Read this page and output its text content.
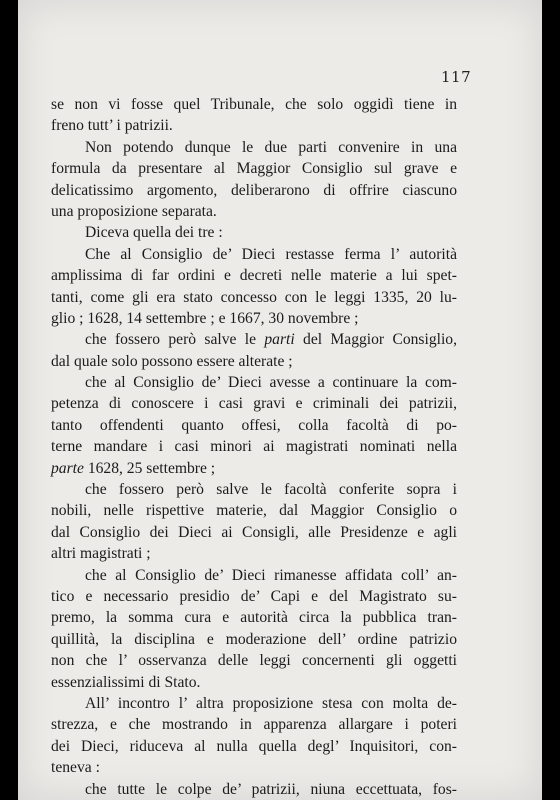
117
se non vi fosse quel Tribunale, che solo oggidì tiene in
freno tutt’ i patrizii.
Non potendo dunque le due parti convenire in una
formula da presentare al Maggior Consiglio sul grave e
delicatissimo argomento, deliberarono di offrire ciascuno
una proposizione separata.
Diceva quella dei tre :
Che al Consiglio de’ Dieci restasse ferma l’ autorità
amplissima di far ordini e decreti nelle materie a lui spet-
tanti, come gli era stato concesso con le leggi 1335, 20 lu-
glio ; 1628, 14 settembre ; e 1667, 30 novembre ;
che fossero però salve le parti del Maggior Consiglio,
dal quale solo possono essere alterate ;
che al Consiglio de’ Dieci avesse a continuare la com-
petenza di conoscere i casi gravi e criminali dei patrizii,
tanto offendenti quanto offesi, colla facoltà di po-
terne mandare i casi minori ai magistrati nominati nella
parte 1628, 25 settembre ;
che fossero però salve le facoltà conferite sopra i
nobili, nelle rispettive materie, dal Maggior Consiglio o
dal Consiglio dei Dieci ai Consigli, alle Presidenze e agli
altri magistrati ;
che al Consiglio de’ Dieci rimanesse affidata coll’ an-
tico e necessario presidio de’ Capi e del Magistrato su-
premo, la somma cura e autorità circa la pubblica tran-
quillità, la disciplina e moderazione dell’ ordine patrizio
non che l’ osservanza delle leggi concernenti gli oggetti
essenzialissimi di Stato.
All’ incontro l’ altra proposizione stesa con molta de-
strezza, e che mostrando in apparenza allargare i poteri
dei Dieci, riduceva al nulla quella degl’ Inquisitori, con-
teneva :
che tutte le colpe de’ patrizii, niuna eccettuata, fos-
